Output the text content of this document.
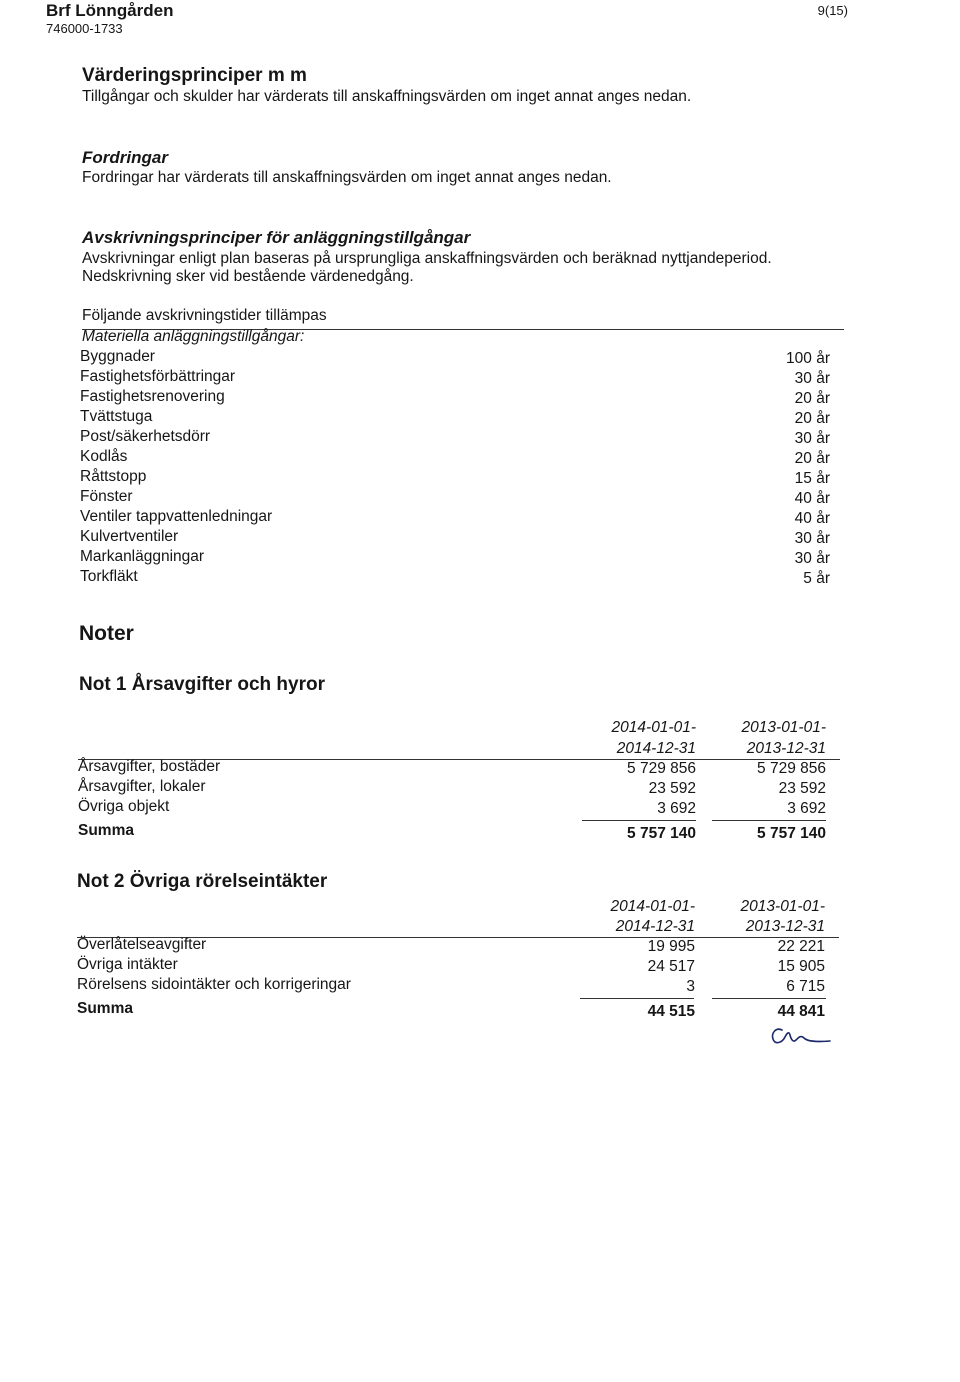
Brf Lönngården
746000-1733
9(15)
Värderingsprinciper m m
Tillgångar och skulder har värderats till anskaffningsvärden om inget annat anges nedan.
Fordringar
Fordringar har värderats till anskaffningsvärden om inget annat anges nedan.
Avskrivningsprinciper för anläggningstillgångar
Avskrivningar enligt plan baseras på ursprungliga anskaffningsvärden och beräknad nyttjandeperiod.
Nedskrivning sker vid bestående värdenedgång.
Följande avskrivningstider tillämpas
Materiella anläggningstillgångar:
Byggnader	100 år
Fastighetsförbättringar	30 år
Fastighetsrenovering	20 år
Tvättstuga	20 år
Post/säkerhetsdörr	30 år
Kodlås	20 år
Råttstopp	15 år
Fönster	40 år
Ventiler tappvattenledningar	40 år
Kulvertventiler	30 år
Markanläggningar	30 år
Torkfläkt	5 år
Noter
Not 1 Årsavgifter och hyror
2014-01-01-
2014-12-31
2013-01-01-
2013-12-31
Årsavgifter, bostäder	5 729 856	5 729 856
Årsavgifter, lokaler	23 592	23 592
Övriga objekt	3 692	3 692
Summa	5 757 140	5 757 140
Not 2 Övriga rörelseintäkter
2014-01-01-
2014-12-31
2013-01-01-
2013-12-31
Överlåtelseavgifter	19 995	22 221
Övriga intäkter	24 517	15 905
Rörelsens sidointäkter och korrigeringar	3	6 715
Summa	44 515	44 841
